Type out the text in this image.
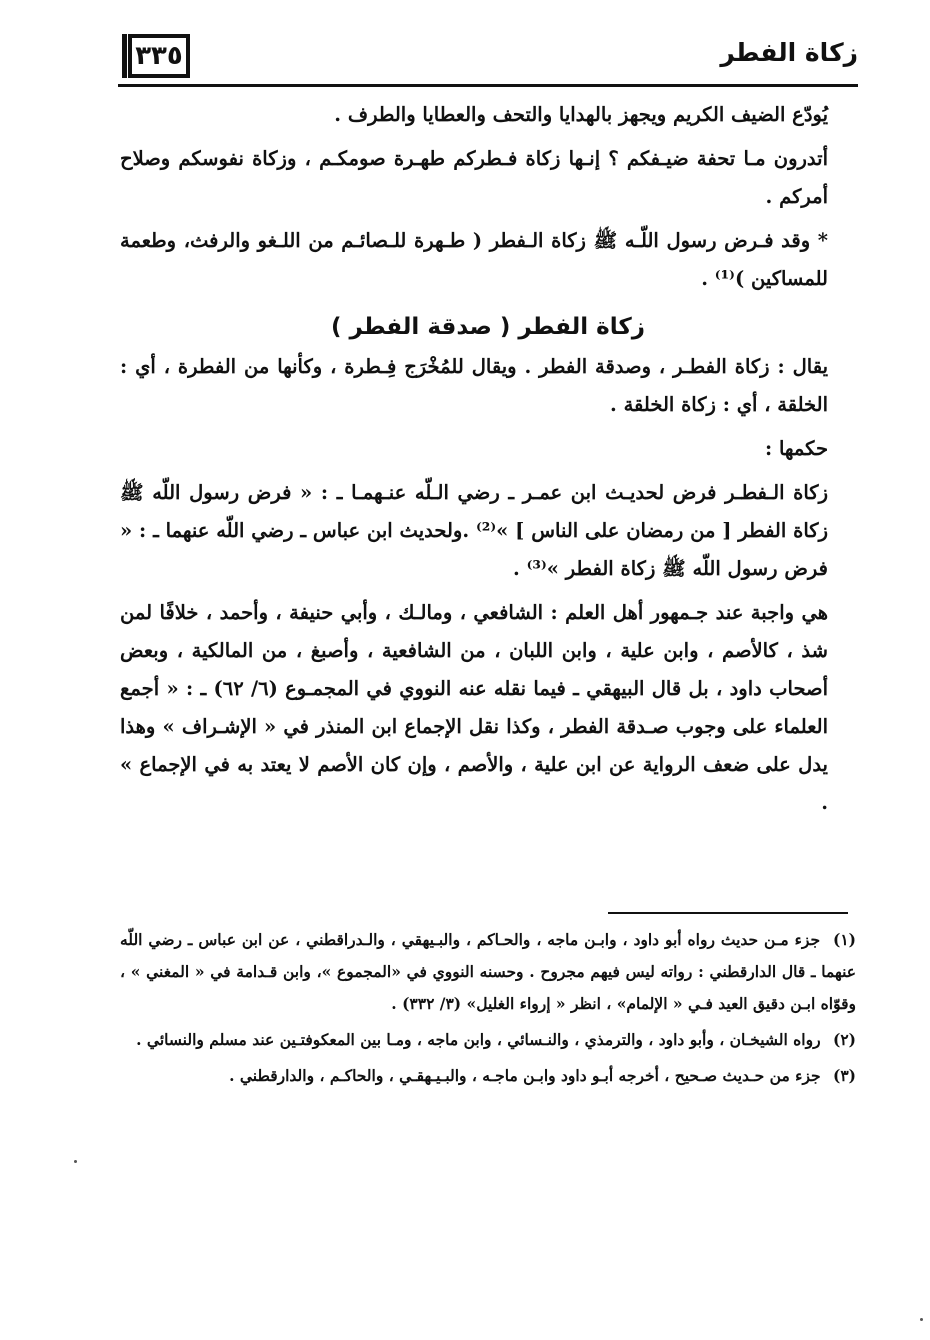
٣٣٥	زكاة الفطر

يُودّع الضيف الكريم ويجهز بالهدايا والتحف والعطايا والطرف .

أتدرون مـا تحفة ضيـفكم ؟ إنـها زكاة فـطركم طهـرة صومكـم ، وزكاة نفوسكم وصلاح أمركم .

* وقد فـرض رسول اللّـه ﷺ زكاة الـفطر ( طـهرة للـصائـم من اللـغو والرفث، وطعمة للمساكين )⁽¹⁾ .

زكاة الفطر ( صدقة الفطر )

يقال : زكاة الفطـر ، وصدقة الفطر . ويقال للمُخْرَج فِـطرة ، وكأنها من الفطرة ، أي : الخلقة ، أي : زكاة الخلقة .

حكمها :

زكاة الـفطـر فرض لحديـث ابن عمـر ـ رضي الـلّه عنـهمـا ـ : « فرض رسول اللّه ﷺ زكاة الفطر [ من رمضان على الناس ] »⁽²⁾ .ولحديث ابن عباس ـ رضي اللّه عنهما ـ : « فرض رسول اللّه ﷺ زكاة الفطر »⁽³⁾ .

هي واجبة عند جـمهور أهل العلم : الشافعي ، ومالـك ، وأبي حنيفة ، وأحمد ، خلافًا لمن شذ ، كالأصم ، وابن علية ، وابن اللبان ، من الشافعية ، وأصبغ ، من المالكية ، وبعض أصحاب داود ، بل قال البيهقي ـ فيما نقله عنه النووي في المجمـوع (٦/ ٦٢) ـ : « أجمع العلماء على وجوب صـدقة الفطر ، وكذا نقل الإجماع ابن المنذر في « الإشـراف » وهذا يدل على ضعف الرواية عن ابن علية ، والأصم ، وإن كان الأصم لا يعتد به في الإجماع » .

(١) جزء مـن حديث رواه أبو داود ، وابـن ماجه ، والحـاكم ، والبـيهقي ، والـدراقطني ، عن ابن عباس ـ رضي اللّه عنهما ـ قال الدارقطني : رواته ليس فيهم مجروح . وحسنه النووي في «المجموع »، وابن قـدامة في « المغني » ، وقوّاه ابـن دقيق العيد فـي « الإلمام» ، انظر « إرواء الغليل» (٣/ ٣٣٢) .

(٢) رواه الشيخـان ، وأبو داود ، والترمذي ، والنـسائي ، وابن ماجه ، ومـا بين المعكوفتـين عند مسلم والنسائي .

(٣) جزء من حـديث صـحيح ، أخرجه أبـو داود وابـن ماجـه ، والبـيـهقـي ، والحاكـم ، والدارقطني .
